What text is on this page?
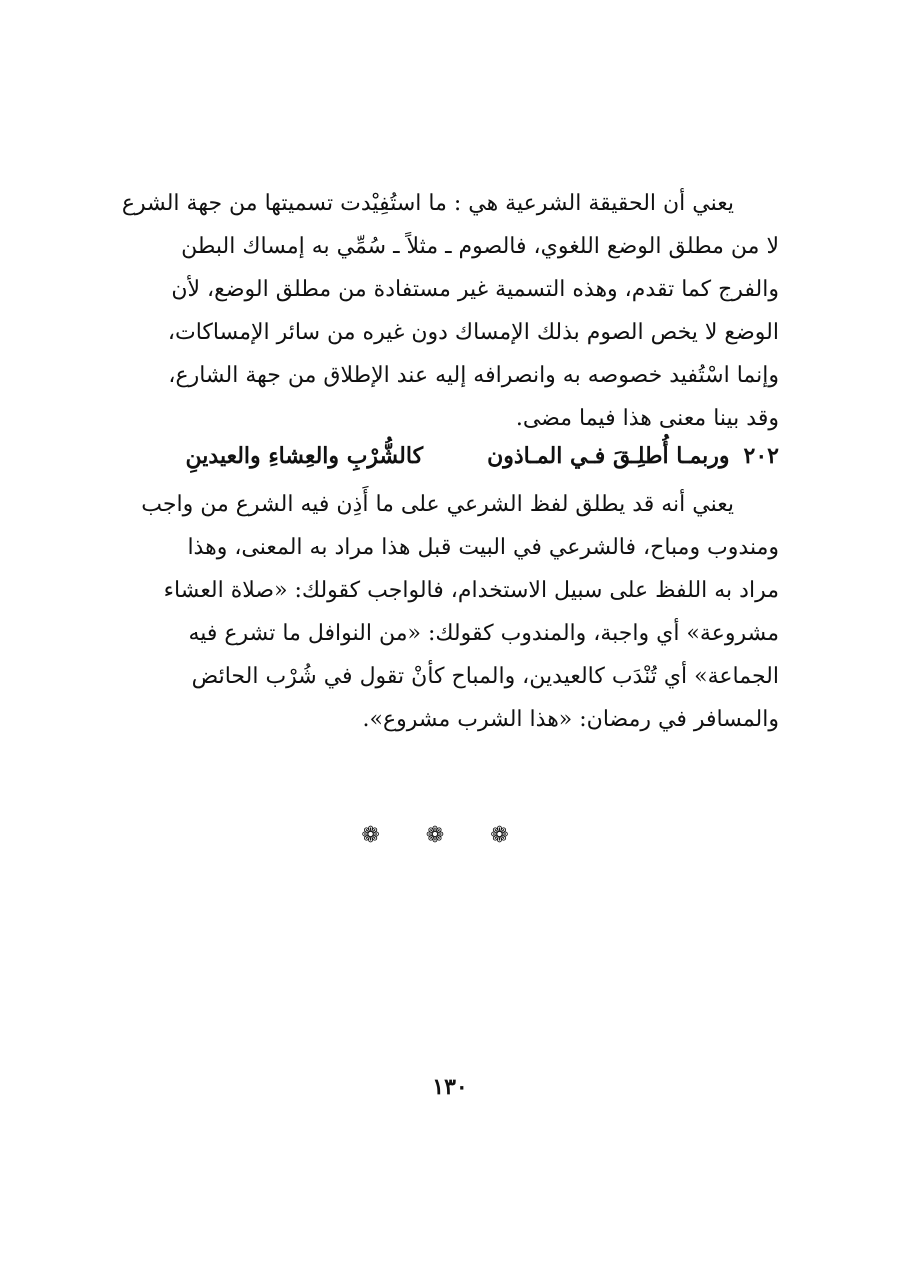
يعني أن الحقيقة الشرعية هي : ما استُفِيْدت تسميتها من جهة الشرع

لا من مطلق الوضع اللغوي، فالصوم ـ مثلاً ـ سُمِّي به إمساك البطن

والفرج كما تقدم، وهذه التسمية غير مستفادة من مطلق الوضع، لأن

الوضع لا يخص الصوم بذلك الإمساك دون غيره من سائر الإمساكات،

وإنما اسْتُفيد خصوصه به وانصرافه إليه عند الإطلاق من جهة الشارع،

وقد بينا معنى هذا فيما مضى.

٢٠٢
وربمـا أُطلِـقَ فـي المـاذون
كالشُّرْبِ والعِشاءِ والعيدينِ

يعني أنه قد يطلق لفظ الشرعي على ما أَذِن فيه الشرع من واجب

ومندوب ومباح، فالشرعي في البيت قبل هذا مراد به المعنى، وهذا

مراد به اللفظ على سبيل الاستخدام، فالواجب كقولك: «صلاة العشاء

مشروعة» أي واجبة، والمندوب كقولك: «من النوافل ما تشرع فيه

الجماعة» أي تُنْدَب كالعيدين، والمباح كأنْ تقول في شُرْب الحائض

والمسافر في رمضان: «هذا الشرب مشروع».

❁❁❁
١٣٠
